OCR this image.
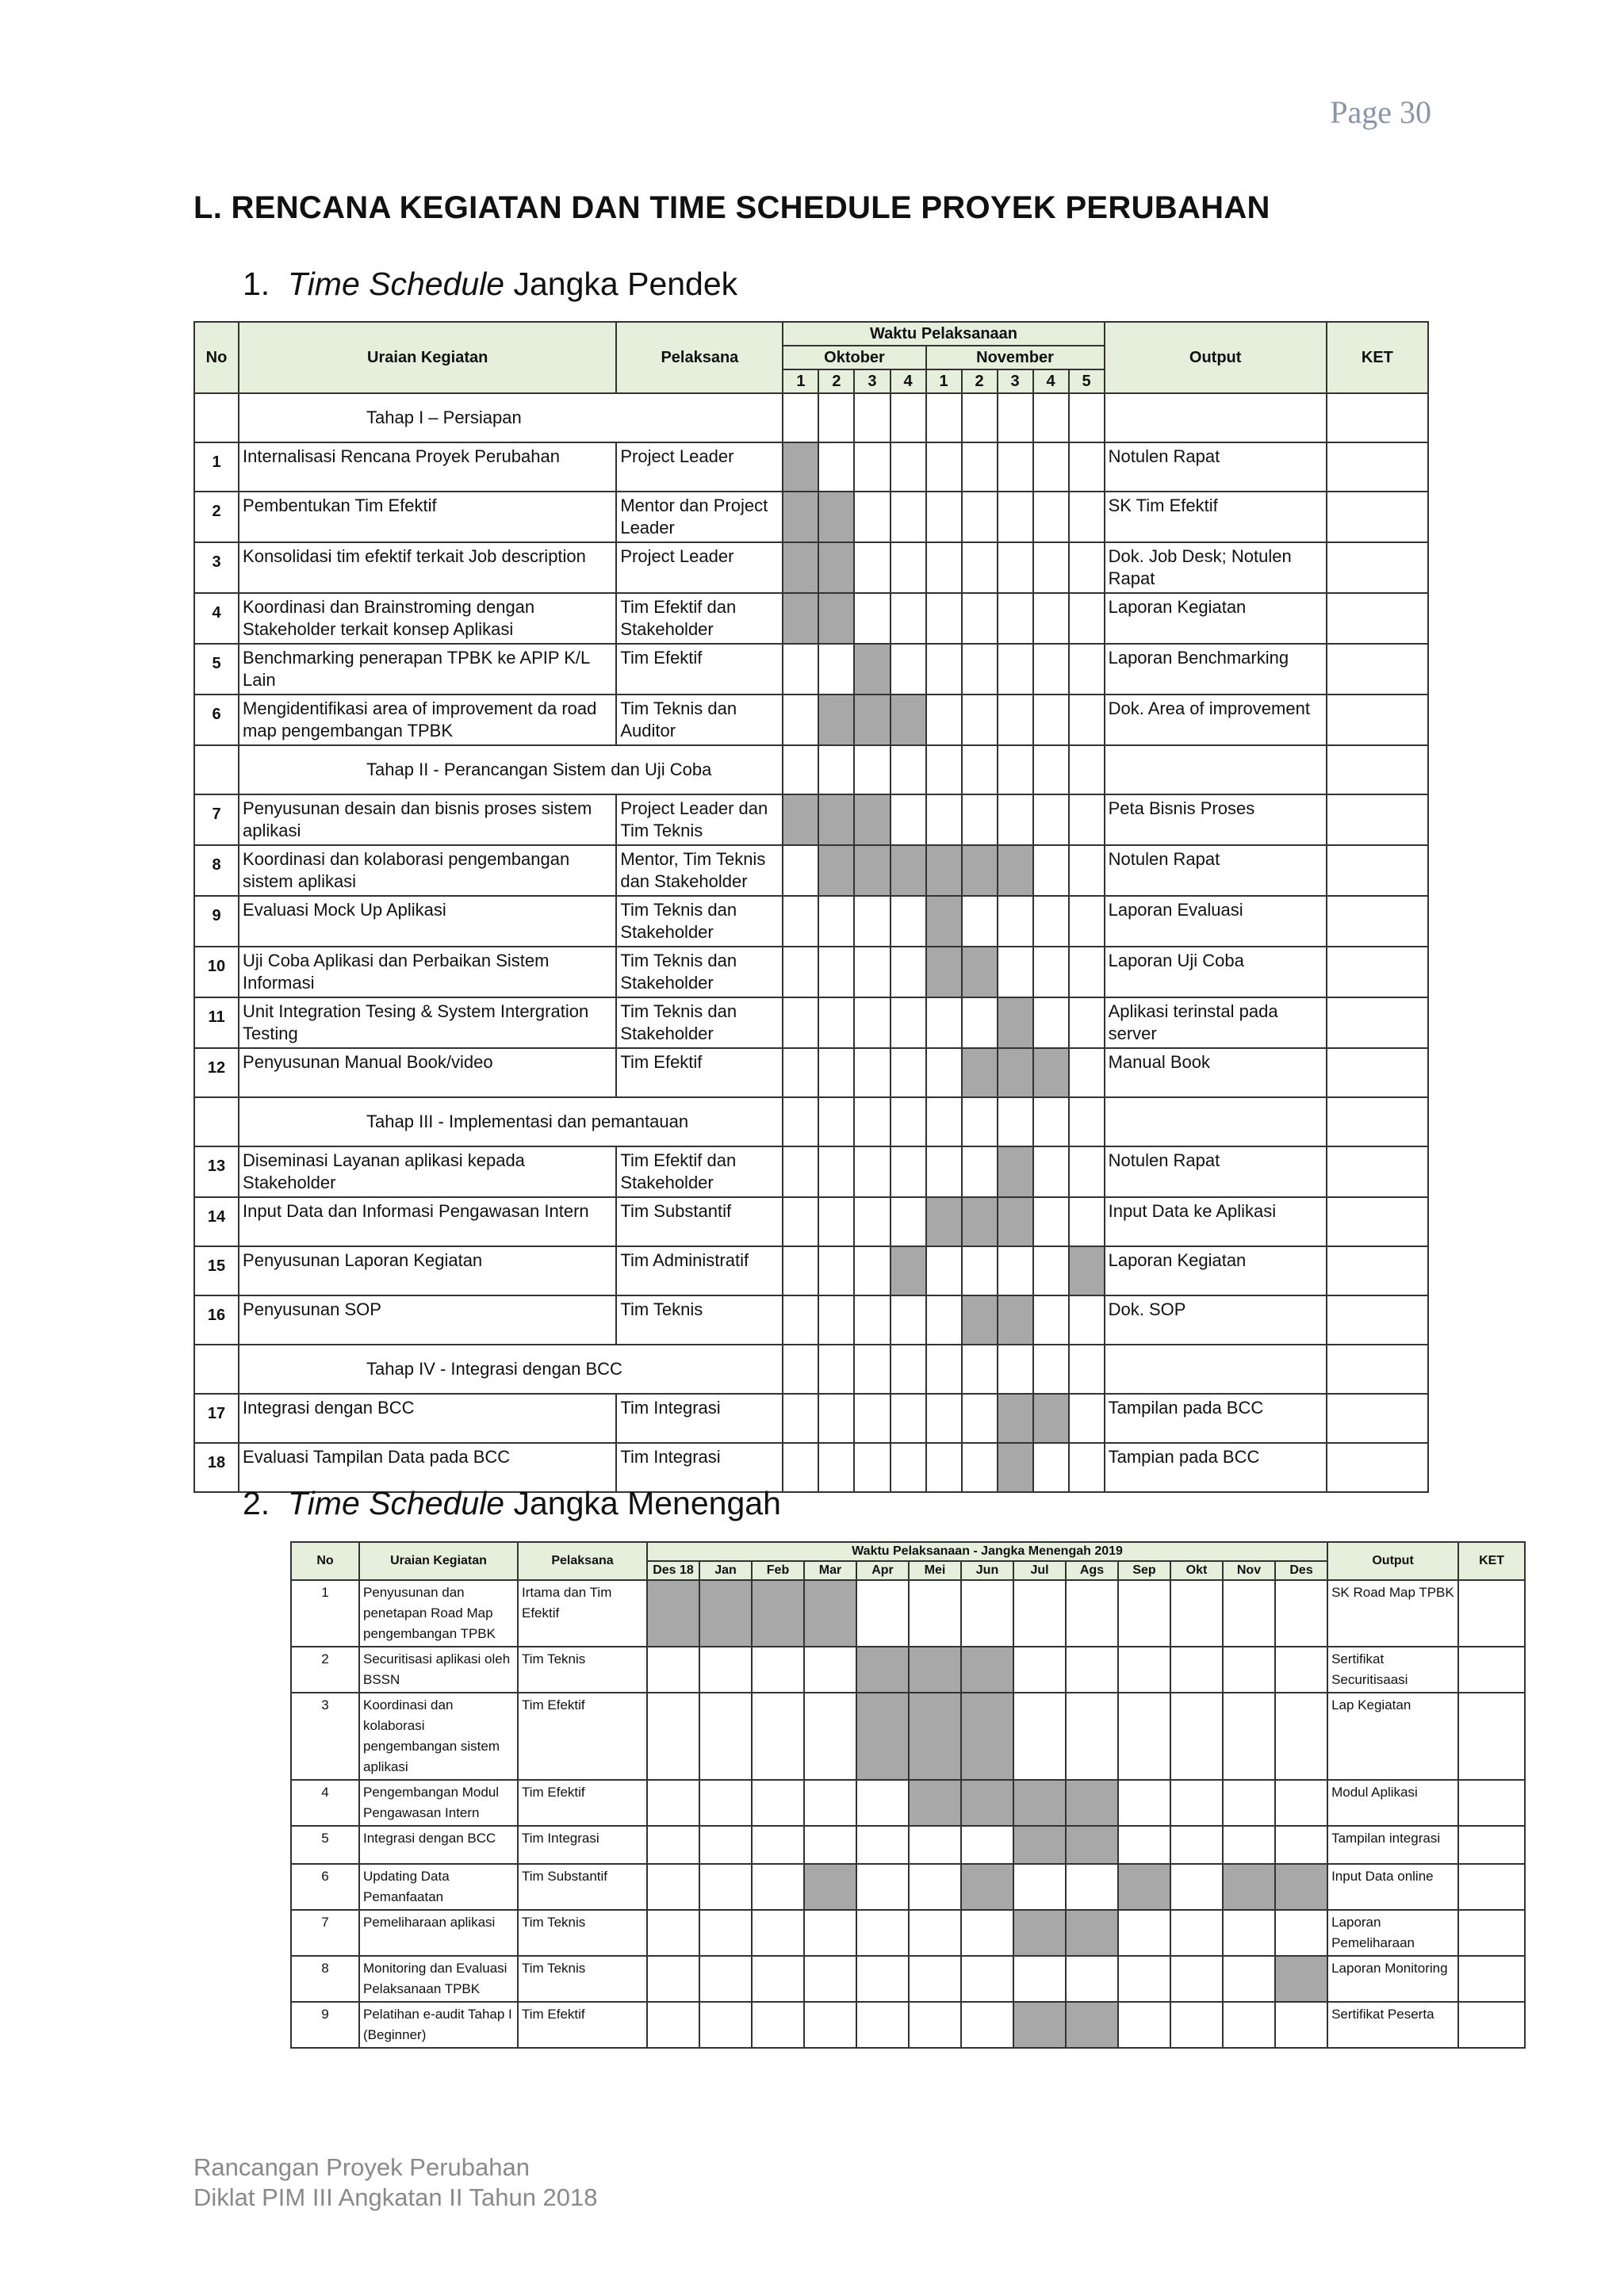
Page 30
L. RENCANA KEGIATAN DAN TIME SCHEDULE PROYEK PERUBAHAN
1. Time Schedule Jangka Pendek
No	Uraian Kegiatan	Pelaksana	Waktu Pelaksanaan									Output	KET
			Oktober				November						
			1	2	3	4	1	2	3	4	5		
	Tahap I – Persiapan												
1	Internalisasi Rencana Proyek Perubahan	Project Leader										Notulen Rapat	
2	Pembentukan Tim Efektif	Mentor dan Project Leader										SK Tim Efektif	
3	Konsolidasi tim efektif terkait Job description	Project Leader										Dok. Job Desk; Notulen Rapat	
4	Koordinasi dan Brainstroming dengan Stakeholder terkait konsep Aplikasi	Tim Efektif dan Stakeholder										Laporan Kegiatan	
5	Benchmarking penerapan TPBK ke APIP K/L Lain	Tim Efektif										Laporan Benchmarking	
6	Mengidentifikasi area of improvement da road map pengembangan TPBK	Tim Teknis dan Auditor										Dok. Area of improvement	
	Tahap II - Perancangan Sistem dan Uji Coba												
7	Penyusunan desain dan bisnis proses sistem aplikasi	Project Leader dan Tim Teknis										Peta Bisnis Proses	
8	Koordinasi dan kolaborasi pengembangan sistem aplikasi	Mentor, Tim Teknis dan Stakeholder										Notulen Rapat	
9	Evaluasi Mock Up Aplikasi	Tim Teknis dan Stakeholder										Laporan Evaluasi	
10	Uji Coba Aplikasi dan Perbaikan Sistem Informasi	Tim Teknis dan Stakeholder										Laporan Uji Coba	
11	Unit Integration Tesing & System Intergration Testing	Tim Teknis dan Stakeholder										Aplikasi terinstal pada server	
12	Penyusunan Manual Book/video	Tim Efektif										Manual Book	
	Tahap III - Implementasi dan pemantauan												
13	Diseminasi Layanan aplikasi kepada Stakeholder	Tim Efektif dan Stakeholder										Notulen Rapat	
14	Input Data dan Informasi Pengawasan Intern	Tim Substantif										Input Data ke Aplikasi	
15	Penyusunan Laporan Kegiatan	Tim Administratif										Laporan Kegiatan	
16	Penyusunan SOP	Tim Teknis										Dok. SOP	
	Tahap IV - Integrasi dengan BCC												
17	Integrasi dengan BCC	Tim Integrasi										Tampilan pada BCC	
18	Evaluasi Tampilan Data pada BCC	Tim Integrasi										Tampian pada BCC	
2. Time Schedule Jangka Menengah
No	Uraian Kegiatan	Pelaksana	Waktu Pelaksanaan - Jangka Menengah 2019													Output	KET
			Des 18	Jan	Feb	Mar	Apr	Mei	Jun	Jul	Ags	Sep	Okt	Nov	Des		
1	Penyusunan dan penetapan Road Map pengembangan TPBK	Irtama dan Tim Efektif														SK Road Map TPBK	
2	Securitisasi aplikasi oleh BSSN	Tim Teknis														Sertifikat Securitisaasi	
3	Koordinasi dan kolaborasi pengembangan sistem aplikasi	Tim Efektif														Lap Kegiatan	
4	Pengembangan Modul Pengawasan Intern	Tim Efektif														Modul Aplikasi	
5	Integrasi dengan BCC	Tim Integrasi														Tampilan integrasi	
6	Updating Data Pemanfaatan	Tim Substantif														Input Data online	
7	Pemeliharaan aplikasi	Tim Teknis														Laporan Pemeliharaan	
8	Monitoring dan Evaluasi Pelaksanaan TPBK	Tim Teknis														Laporan Monitoring	
9	Pelatihan e-audit Tahap I (Beginner)	Tim Efektif														Sertifikat Peserta	
Rancangan Proyek Perubahan
Diklat PIM III Angkatan II Tahun 2018
